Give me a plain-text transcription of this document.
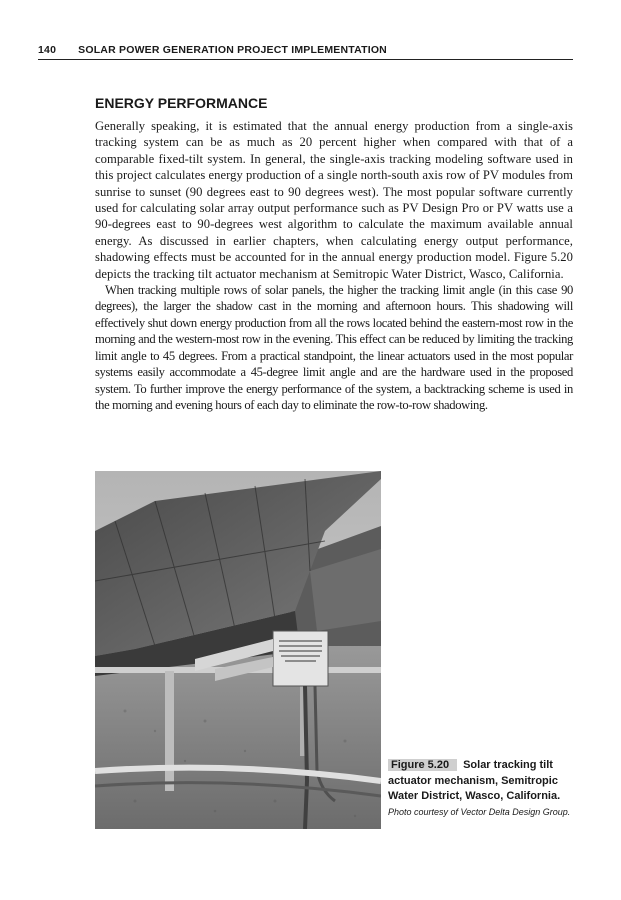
140 SOLAR POWER GENERATION PROJECT IMPLEMENTATION
ENERGY PERFORMANCE

Generally speaking, it is estimated that the annual energy production from a single-axis tracking system can be as much as 20 percent higher when compared with that of a comparable fixed-tilt system. In general, the single-axis tracking modeling software used in this project calculates energy production of a single north-south axis row of PV modules from sunrise to sunset (90 degrees east to 90 degrees west). The most popular software currently used for calculating solar array output performance such as PV Design Pro or PV watts use a 90-degrees east to 90-degrees west algorithm to calculate the maximum available annual energy. As discussed in earlier chapters, when calculating energy output performance, shadowing effects must be accounted for in the annual energy production model. Figure 5.20 depicts the tracking tilt actuator mechanism at Semitropic Water District, Wasco, California.

When tracking multiple rows of solar panels, the higher the tracking limit angle (in this case 90 degrees), the larger the shadow cast in the morning and afternoon hours. This shadowing will effectively shut down energy production from all the rows located behind the eastern-most row in the morning and the western-most row in the evening. This effect can be reduced by limiting the tracking limit angle to 45 degrees. From a practical standpoint, the linear actuators used in the most popular systems easily accommodate a 45-degree limit angle and are the hardware used in the proposed system. To further improve the energy performance of the system, a backtracking scheme is used in the morning and evening hours of each day to eliminate the row-to-row shadowing.

Figure 5.20 Solar tracking tilt actuator mechanism, Semitropic Water District, Wasco, California. Photo courtesy of Vector Delta Design Group.
